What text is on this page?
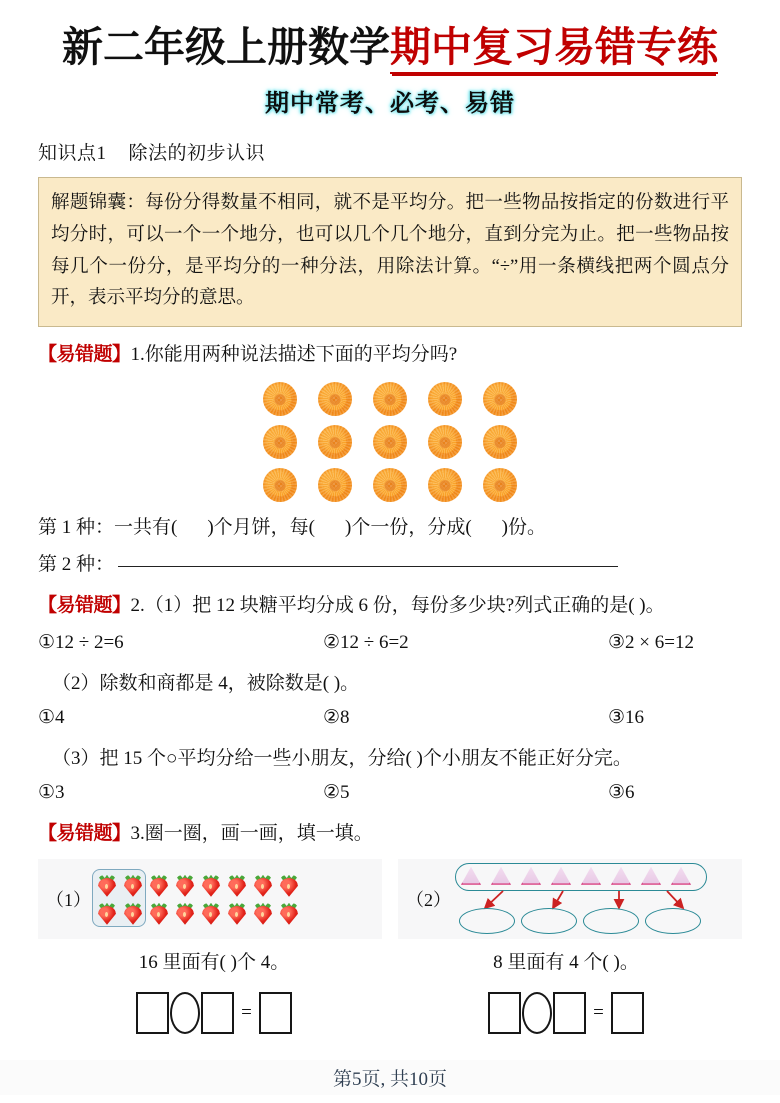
新二年级上册数学期中复习易错专练
期中常考、必考、易错
知识点1 除法的初步认识
解题锦囊：每份分得数量不相同，就不是平均分。把一些物品按指定的份数进行平均分时，可以一个一个地分，也可以几个几个地分，直到分完为止。把一些物品按每几个一份分，是平均分的一种分法，用除法计算。“÷”用一条横线把两个圆点分开，表示平均分的意思。
【易错题】1.你能用两种说法描述下面的平均分吗?
第 1 种：一共有( )个月饼，每( )个一份，分成( )份。
第 2 种：
【易错题】2.（1）把 12 块糖平均分成 6 份，每份多少块?列式正确的是( )。
①12 ÷ 2=6	②12 ÷ 6=2	③2 × 6=12
（2）除数和商都是 4，被除数是( )。
①4	②8	③16
（3）把 15 个○平均分给一些小朋友，分给( )个小朋友不能正好分完。
①3	②5	③6
【易错题】3.圈一圈，画一画，填一填。
（1）	（2）
16 里面有( )个 4。	8 里面有 4 个( )。
=	=
第5页, 共10页
